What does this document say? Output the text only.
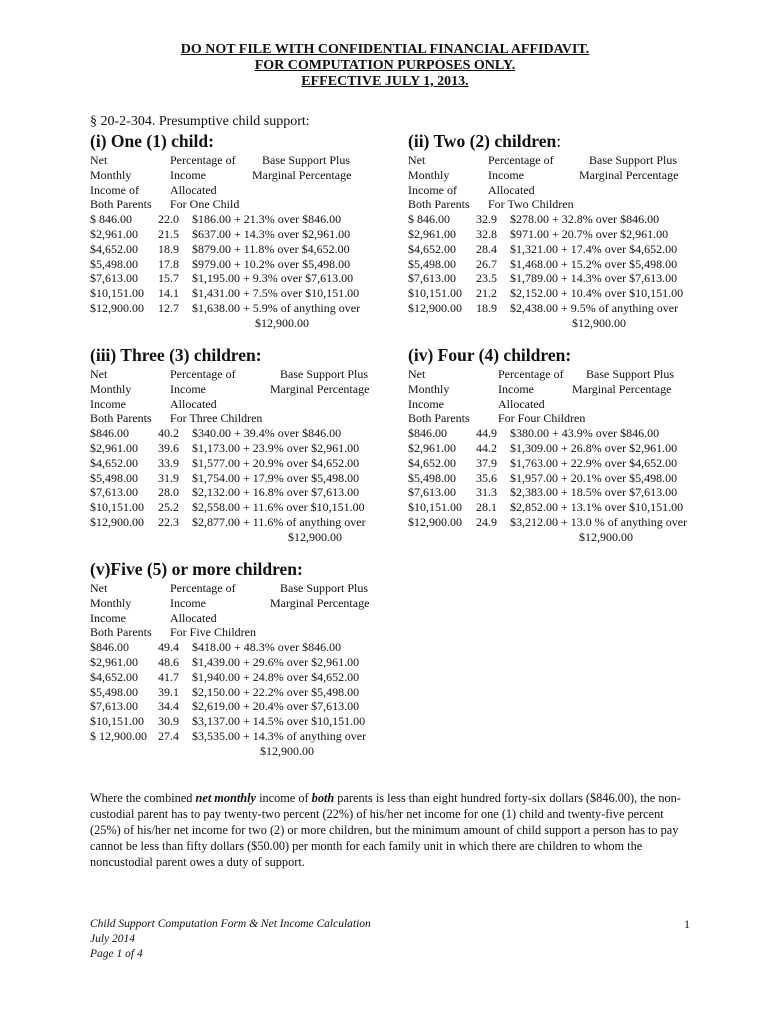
DO NOT FILE WITH CONFIDENTIAL FINANCIAL AFFIDAVIT.
FOR COMPUTATION PURPOSES ONLY.
EFFECTIVE JULY 1, 2013.
§ 20-2-304. Presumptive child support:
(i) One (1) child:
Net
Monthly
Income of
Both Parents
Percentage of
Income
Allocated
For One Child
Base Support Plus
Marginal Percentage
$ 846.00 22.0 $186.00 + 21.3% over $846.00
$2,961.00 21.5 $637.00 + 14.3% over $2,961.00
$4,652.00 18.9 $879.00 + 11.8% over $4,652.00
$5,498.00 17.8 $979.00 + 10.2% over $5,498.00
$7,613.00 15.7 $1,195.00 + 9.3% over $7,613.00
$10,151.00 14.1 $1,431.00 + 7.5% over $10,151.00
$12,900.00 12.7 $1,638.00 + 5.9% of anything over
$12,900.00
(ii) Two (2) children:
Net
Monthly
Income of
Both Parents
Percentage of
Income
Allocated
For Two Children
Base Support Plus
Marginal Percentage
$ 846.00 32.9 $278.00 + 32.8% over $846.00
$2,961.00 32.8 $971.00 + 20.7% over $2,961.00
$4,652.00 28.4 $1,321.00 + 17.4% over $4,652.00
$5,498.00 26.7 $1,468.00 + 15.2% over $5,498.00
$7,613.00 23.5 $1,789.00 + 14.3% over $7,613.00
$10,151.00 21.2 $2,152.00 + 10.4% over $10,151.00
$12,900.00 18.9 $2,438.00 + 9.5% of anything over
$12,900.00
(iii) Three (3) children:
Net
Monthly
Income
Both Parents
Percentage of
Income
Allocated
For Three Children
Base Support Plus
Marginal Percentage
$846.00 40.2 $340.00 + 39.4% over $846.00
$2,961.00 39.6 $1,173.00 + 23.9% over $2,961.00
$4,652.00 33.9 $1,577.00 + 20.9% over $4,652.00
$5,498.00 31.9 $1,754.00 + 17.9% over $5,498.00
$7,613.00 28.0 $2,132.00 + 16.8% over $7,613.00
$10,151.00 25.2 $2,558.00 + 11.6% over $10,151.00
$12,900.00 22.3 $2,877.00 + 11.6% of anything over
$12,900.00
(iv) Four (4) children:
Net
Monthly
Income
Both Parents
Percentage of
Income
Allocated
For Four Children
Base Support Plus
Marginal Percentage
$846.00 44.9 $380.00 + 43.9% over $846.00
$2,961.00 44.2 $1,309.00 + 26.8% over $2,961.00
$4,652.00 37.9 $1,763.00 + 22.9% over $4,652.00
$5,498.00 35.6 $1,957.00 + 20.1% over $5,498.00
$7,613.00 31.3 $2,383.00 + 18.5% over $7,613.00
$10,151.00 28.1 $2,852.00 + 13.1% over $10,151.00
$12,900.00 24.9 $3,212.00 + 13.0 % of anything over
$12,900.00
(v)Five (5) or more children:
Net
Monthly
Income
Both Parents
Percentage of
Income
Allocated
For Five Children
Base Support Plus
Marginal Percentage
$846.00 49.4 $418.00 + 48.3% over $846.00
$2,961.00 48.6 $1,439.00 + 29.6% over $2,961.00
$4,652.00 41.7 $1,940.00 + 24.8% over $4,652.00
$5,498.00 39.1 $2,150.00 + 22.2% over $5,498.00
$7,613.00 34.4 $2,619.00 + 20.4% over $7,613.00
$10,151.00 30.9 $3,137.00 + 14.5% over $10,151.00
$ 12,900.00 27.4 $3,535.00 + 14.3% of anything over
$12,900.00
Where the combined net monthly income of both parents is less than eight hundred forty-six dollars ($846.00), the non-custodial parent has to pay twenty-two percent (22%) of his/her net income for one (1) child and twenty-five percent (25%) of his/her net income for two (2) or more children, but the minimum amount of child support a person has to pay cannot be less than fifty dollars ($50.00) per month for each family unit in which there are children to whom the noncustodial parent owes a duty of support.
Child Support Computation Form & Net Income Calculation
July 2014
Page 1 of 4
1
